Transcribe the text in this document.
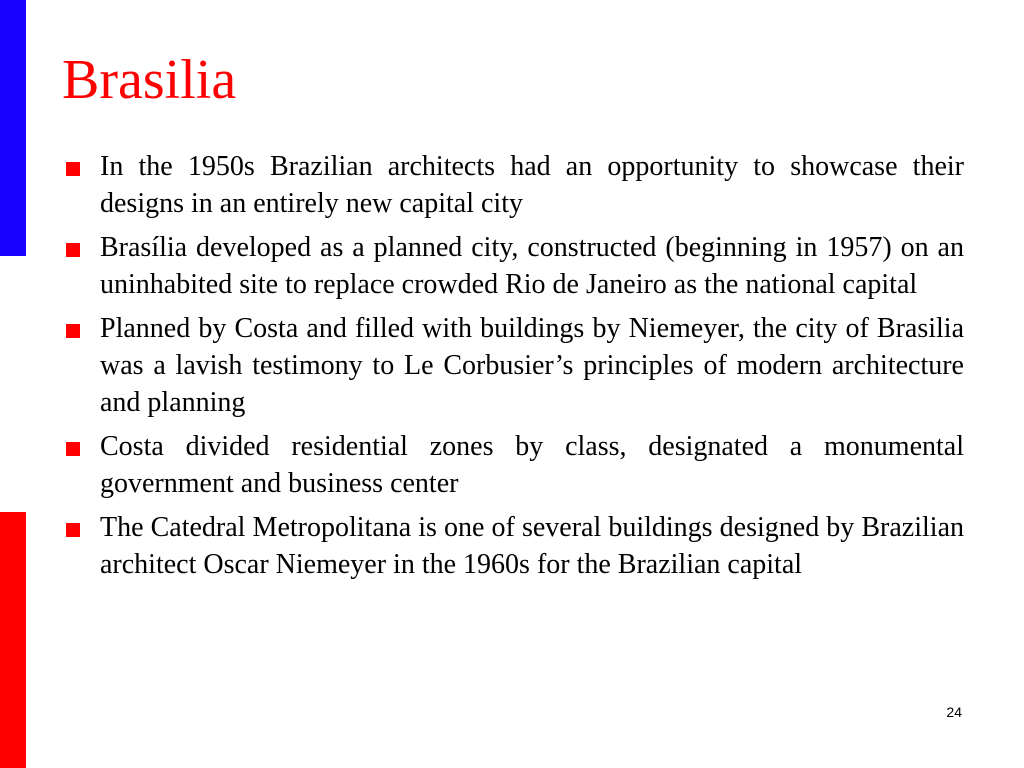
Brasilia
In the 1950s Brazilian architects had an opportunity to showcase their designs in an entirely new capital city
Brasília developed as a planned city, constructed (beginning in 1957) on an uninhabited site to replace crowded Rio de Janeiro as the national capital
Planned by Costa and filled with buildings by Niemeyer, the city of Brasilia was a lavish testimony to Le Corbusier’s principles of modern architecture and planning
Costa divided residential zones by class, designated a monumental government and business center
The Catedral Metropolitana is one of several buildings designed by Brazilian architect Oscar Niemeyer in the 1960s for the Brazilian capital
24
